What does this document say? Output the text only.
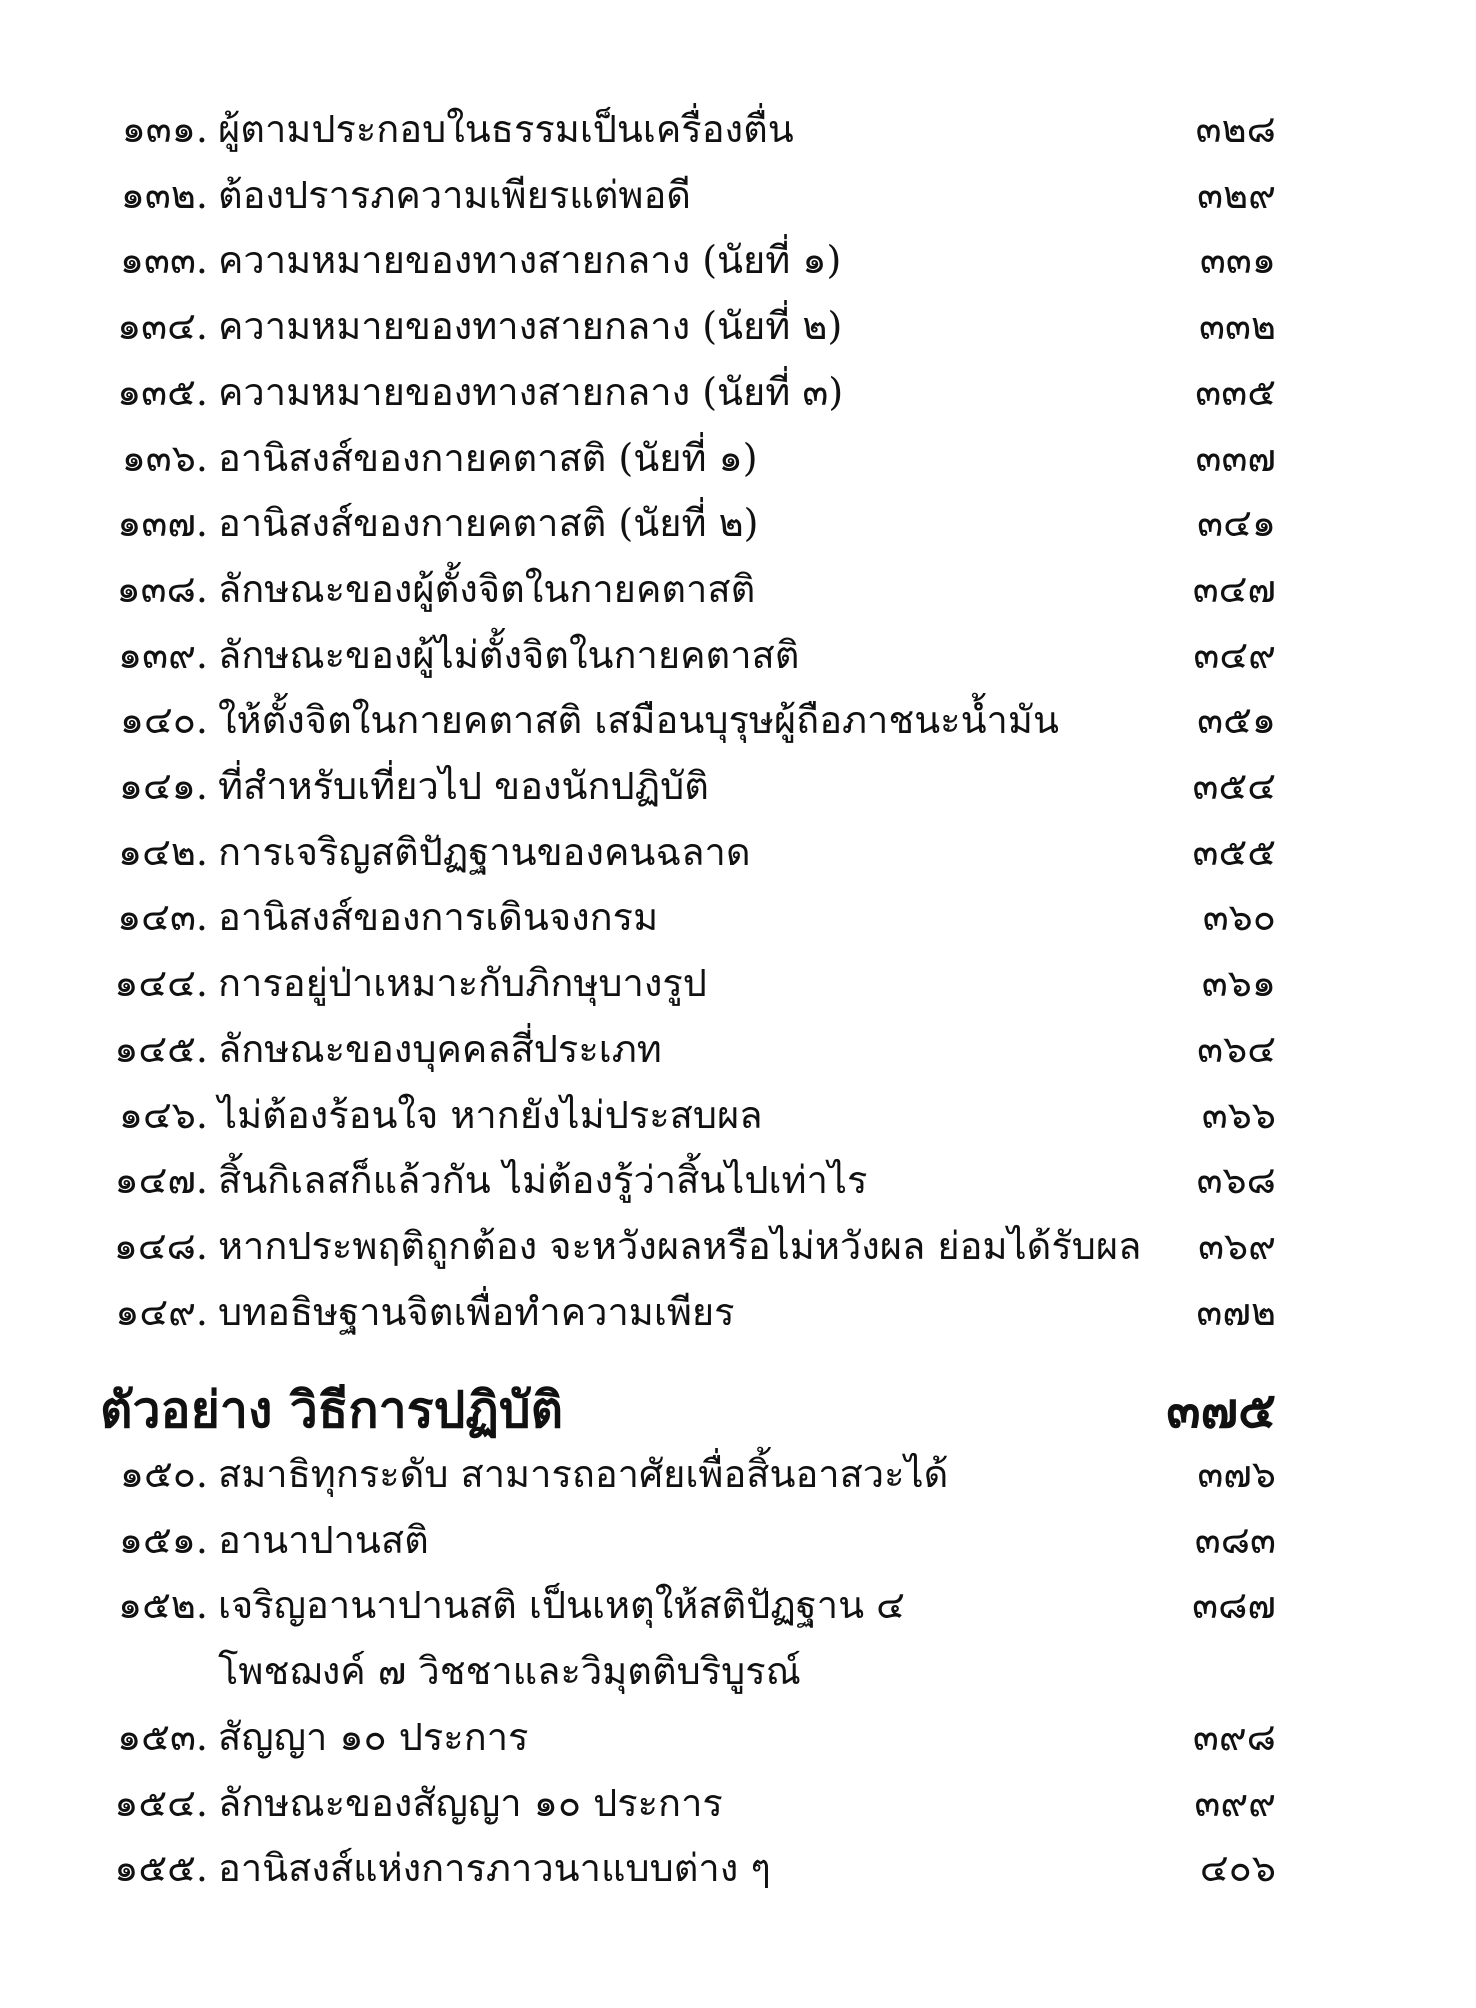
๑๓๑. ผู้ตามประกอบในธรรมเป็นเครื่องตื่น	๓๒๘
๑๓๒. ต้องปรารภความเพียรแต่พอดี	๓๒๙
๑๓๓. ความหมายของทางสายกลาง (นัยที่ ๑)	๓๓๑
๑๓๔. ความหมายของทางสายกลาง (นัยที่ ๒)	๓๓๒
๑๓๕. ความหมายของทางสายกลาง (นัยที่ ๓)	๓๓๕
๑๓๖. อานิสงส์ของกายคตาสติ (นัยที่ ๑)	๓๓๗
๑๓๗. อานิสงส์ของกายคตาสติ (นัยที่ ๒)	๓๔๑
๑๓๘. ลักษณะของผู้ตั้งจิตในกายคตาสติ	๓๔๗
๑๓๙. ลักษณะของผู้ไม่ตั้งจิตในกายคตาสติ	๓๔๙
๑๔๐. ให้ตั้งจิตในกายคตาสติ เสมือนบุรุษผู้ถือภาชนะน้ำมัน	๓๕๑
๑๔๑. ที่สำหรับเที่ยวไป ของนักปฏิบัติ	๓๕๔
๑๔๒. การเจริญสติปัฏฐานของคนฉลาด	๓๕๕
๑๔๓. อานิสงส์ของการเดินจงกรม	๓๖๐
๑๔๔. การอยู่ป่าเหมาะกับภิกษุบางรูป	๓๖๑
๑๔๕. ลักษณะของบุคคลสี่ประเภท	๓๖๔
๑๔๖. ไม่ต้องร้อนใจ หากยังไม่ประสบผล	๓๖๖
๑๔๗. สิ้นกิเลสก็แล้วกัน ไม่ต้องรู้ว่าสิ้นไปเท่าไร	๓๖๘
๑๔๘. หากประพฤติถูกต้อง จะหวังผลหรือไม่หวังผล ย่อมได้รับผล ๓๖๙
๑๔๙. บทอธิษฐานจิตเพื่อทำความเพียร	๓๗๒
ตัวอย่าง วิธีการปฏิบัติ	๓๗๕
๑๕๐. สมาธิทุกระดับ สามารถอาศัยเพื่อสิ้นอาสวะได้	๓๗๖
๑๕๑. อานาปานสติ	๓๘๓
๑๕๒. เจริญอานาปานสติ เป็นเหตุให้สติปัฏฐาน ๔	๓๘๗
โพชฌงค์ ๗ วิชชาและวิมุตติบริบูรณ์
๑๕๓. สัญญา ๑๐ ประการ	๓๙๘
๑๕๔. ลักษณะของสัญญา ๑๐ ประการ	๓๙๙
๑๕๕. อานิสงส์แห่งการภาวนาแบบต่าง ๆ	๔๐๖
